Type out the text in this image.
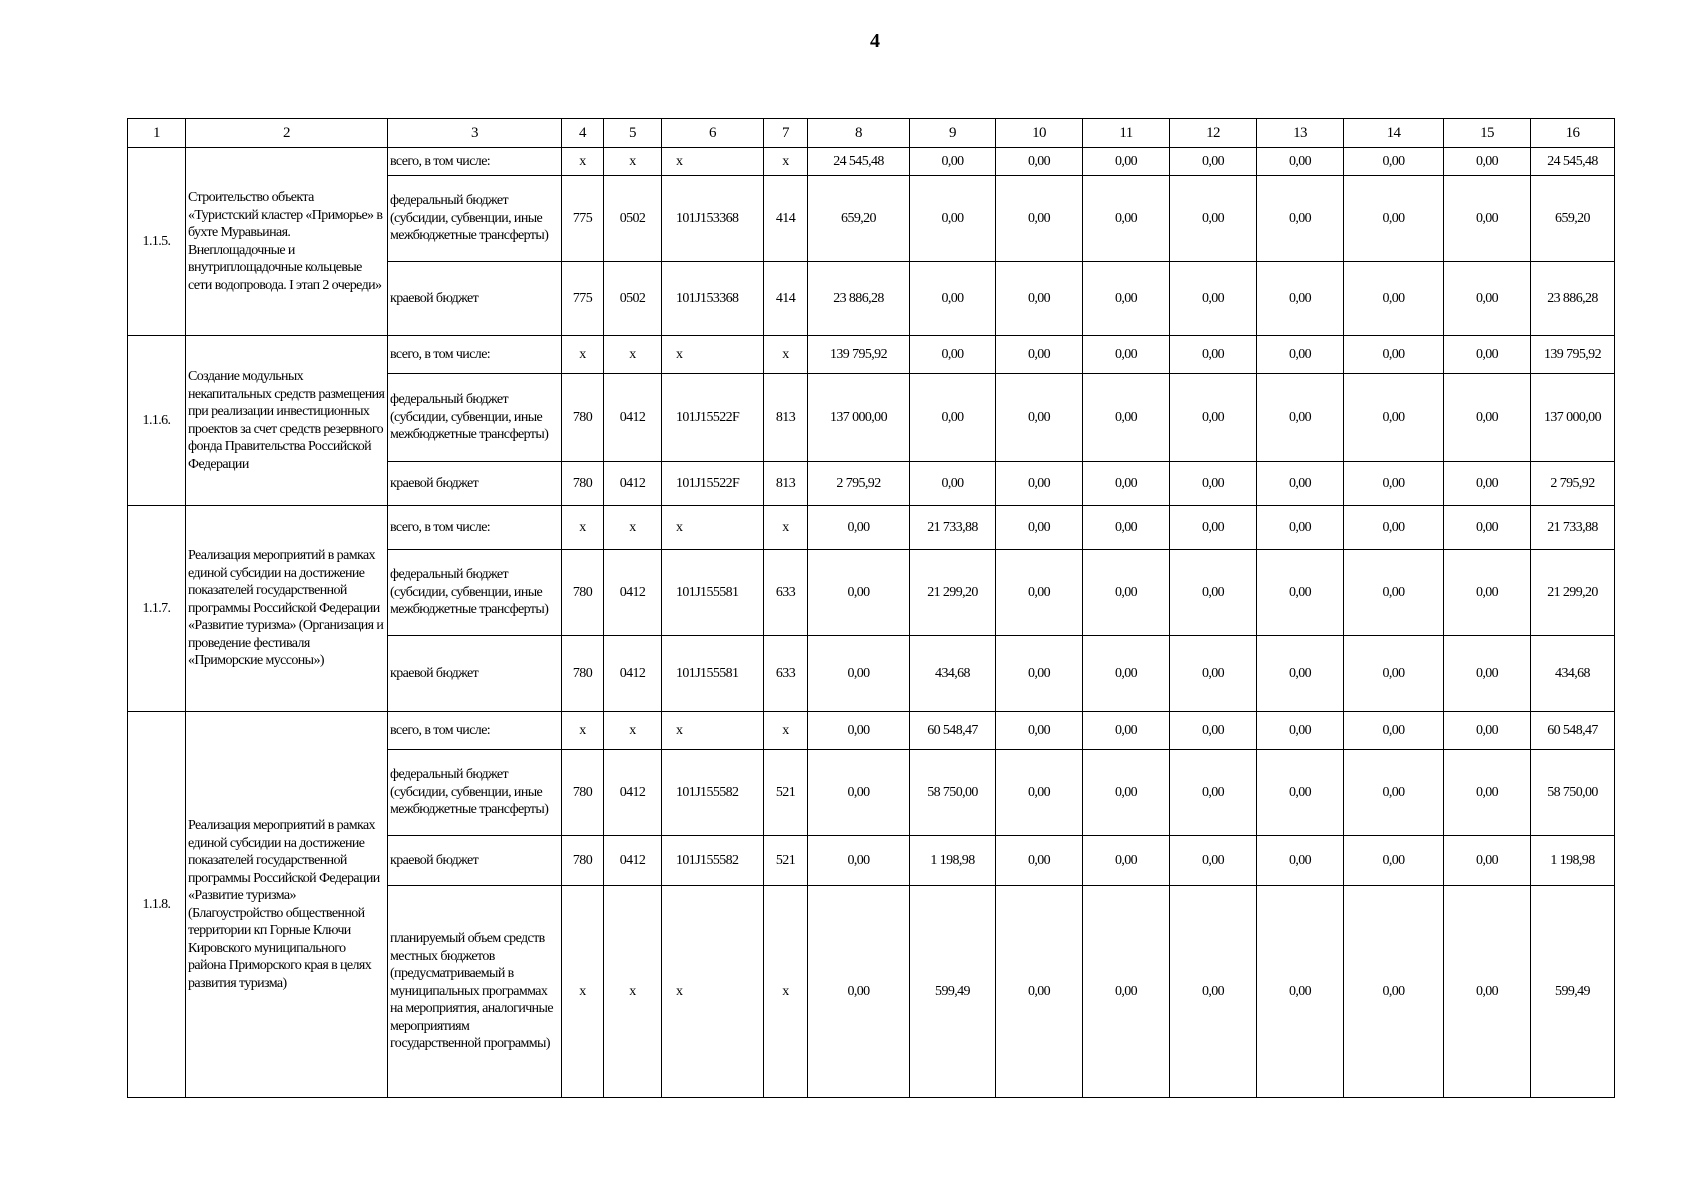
4
1	2	3	4	5	6	7	8	9	10	11	12	13	14	15	16
1.1.5.	Строительство объекта «Туристский кластер «Приморье» в бухте Муравьиная. Внеплощадочные и внутриплощадочные кольцевые сети водопровода. I этап 2 очереди»	всего, в том числе:	х	х	х	х	24 545,48	0,00	0,00	0,00	0,00	0,00	0,00	0,00	24 545,48
		федеральный бюджет (субсидии, субвенции, иные межбюджетные трансферты)	775	0502	101J153368	414	659,20	0,00	0,00	0,00	0,00	0,00	0,00	0,00	659,20
		краевой бюджет	775	0502	101J153368	414	23 886,28	0,00	0,00	0,00	0,00	0,00	0,00	0,00	23 886,28
1.1.6.	Создание модульных некапитальных средств размещения при реализации инвестиционных проектов за счет средств резервного фонда Правительства Российской Федерации	всего, в том числе:	х	х	х	х	139 795,92	0,00	0,00	0,00	0,00	0,00	0,00	0,00	139 795,92
		федеральный бюджет (субсидии, субвенции, иные межбюджетные трансферты)	780	0412	101J15522F	813	137 000,00	0,00	0,00	0,00	0,00	0,00	0,00	0,00	137 000,00
		краевой бюджет	780	0412	101J15522F	813	2 795,92	0,00	0,00	0,00	0,00	0,00	0,00	0,00	2 795,92
1.1.7.	Реализация мероприятий в рамках единой субсидии на достижение показателей государственной программы Российской Федерации «Развитие туризма» (Организация и проведение фестиваля «Приморские муссоны»)	всего, в том числе:	х	х	х	х	0,00	21 733,88	0,00	0,00	0,00	0,00	0,00	0,00	21 733,88
		федеральный бюджет (субсидии, субвенции, иные межбюджетные трансферты)	780	0412	101J155581	633	0,00	21 299,20	0,00	0,00	0,00	0,00	0,00	0,00	21 299,20
		краевой бюджет	780	0412	101J155581	633	0,00	434,68	0,00	0,00	0,00	0,00	0,00	0,00	434,68
1.1.8.	Реализация мероприятий в рамках единой субсидии на достижение показателей государственной программы Российской Федерации «Развитие туризма» (Благоустройство общественной территории кп Горные Ключи Кировского муниципального района Приморского края в целях развития туризма)	всего, в том числе:	х	х	х	х	0,00	60 548,47	0,00	0,00	0,00	0,00	0,00	0,00	60 548,47
		федеральный бюджет (субсидии, субвенции, иные межбюджетные трансферты)	780	0412	101J155582	521	0,00	58 750,00	0,00	0,00	0,00	0,00	0,00	0,00	58 750,00
		краевой бюджет	780	0412	101J155582	521	0,00	1 198,98	0,00	0,00	0,00	0,00	0,00	0,00	1 198,98
		планируемый объем средств местных бюджетов (предусматриваемый в муниципальных программах на мероприятия, аналогичные мероприятиям государственной программы)	х	х	х	х	0,00	599,49	0,00	0,00	0,00	0,00	0,00	0,00	599,49
